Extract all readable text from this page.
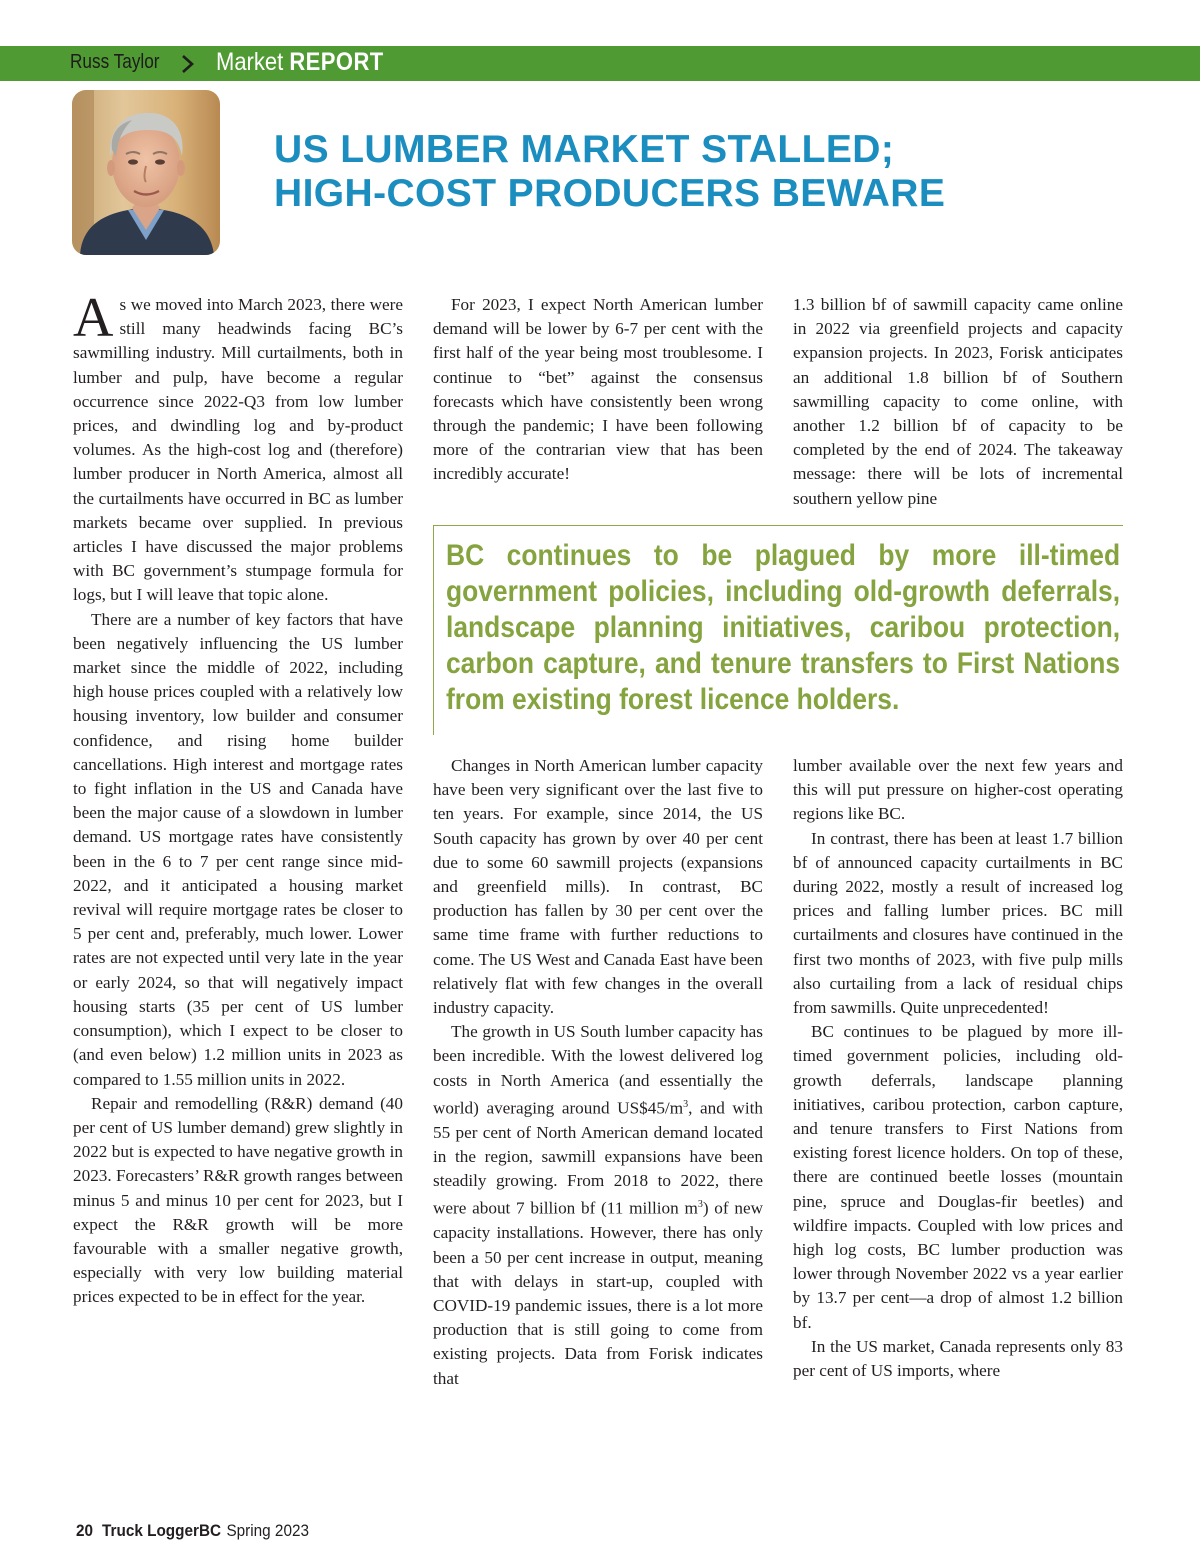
Russ Taylor Market REPORT
US LUMBER MARKET STALLED;
HIGH-COST PRODUCERS BEWARE

As we moved into March 2023, there were still many headwinds facing BC’s sawmilling industry. Mill curtailments, both in lumber and pulp, have become a regular occurrence since 2022-Q3 from low lumber prices, and dwindling log and by-product volumes. As the high-cost log and (therefore) lumber producer in North America, almost all the curtailments have occurred in BC as lumber markets became over supplied. In previous articles I have discussed the major problems with BC government’s stumpage formula for logs, but I will leave that topic alone.

There are a number of key factors that have been negatively influencing the US lumber market since the middle of 2022, including high house prices coupled with a relatively low housing inventory, low builder and consumer confidence, and rising home builder cancellations. High interest and mortgage rates to fight inflation in the US and Canada have been the major cause of a slowdown in lumber demand. US mortgage rates have consistently been in the 6 to 7 per cent range since mid-2022, and it anticipated a housing market revival will require mortgage rates be closer to 5 per cent and, preferably, much lower. Lower rates are not expected until very late in the year or early 2024, so that will negatively impact housing starts (35 per cent of US lumber consumption), which I expect to be closer to (and even below) 1.2 million units in 2023 as compared to 1.55 million units in 2022.

Repair and remodelling (R&R) demand (40 per cent of US lumber demand) grew slightly in 2022 but is expected to have negative growth in 2023. Forecasters’ R&R growth ranges between minus 5 and minus 10 per cent for 2023, but I expect the R&R growth will be more favourable with a smaller negative growth, especially with very low building material prices expected to be in effect for the year.

For 2023, I expect North American lumber demand will be lower by 6-7 per cent with the first half of the year being most troublesome. I continue to “bet” against the consensus forecasts which have consistently been wrong through the pandemic; I have been following more of the contrarian view that has been incredibly accurate!

1.3 billion bf of sawmill capacity came online in 2022 via greenfield projects and capacity expansion projects. In 2023, Forisk anticipates an additional 1.8 billion bf of Southern sawmilling capacity to come online, with another 1.2 billion bf of capacity to be completed by the end of 2024. The takeaway message: there will be lots of incremental southern yellow pine

BC continues to be plagued by more ill-timed government policies, including old-growth deferrals, landscape planning initiatives, caribou protection, carbon capture, and tenure transfers to First Nations from existing forest licence holders.

Changes in North American lumber capacity have been very significant over the last five to ten years. For example, since 2014, the US South capacity has grown by over 40 per cent due to some 60 sawmill projects (expansions and greenfield mills). In contrast, BC production has fallen by 30 per cent over the same time frame with further reductions to come. The US West and Canada East have been relatively flat with few changes in the overall industry capacity.

The growth in US South lumber capacity has been incredible. With the lowest delivered log costs in North America (and essentially the world) averaging around $US\$45/m^3$, and with 55 per cent of North American demand located in the region, sawmill expansions have been steadily growing. From 2018 to 2022, there were about 7 billion bf (11 million $m^3$) of new capacity installations. However, there has only been a 50 per cent increase in output, meaning that with delays in start-up, coupled with COVID-19 pandemic issues, there is a lot more production that is still going to come from existing projects. Data from Forisk indicates that

lumber available over the next few years and this will put pressure on higher-cost operating regions like BC.

In contrast, there has been at least 1.7 billion bf of announced capacity curtailments in BC during 2022, mostly a result of increased log prices and falling lumber prices. BC mill curtailments and closures have continued in the first two months of 2023, with five pulp mills also curtailing from a lack of residual chips from sawmills. Quite unprecedented!

BC continues to be plagued by more ill-timed government policies, including old-growth deferrals, landscape planning initiatives, caribou protection, carbon capture, and tenure transfers to First Nations from existing forest licence holders. On top of these, there are continued beetle losses (mountain pine, spruce and Douglas-fir beetles) and wildfire impacts. Coupled with low prices and high log costs, BC lumber production was lower through November 2022 vs a year earlier by 13.7 per cent—a drop of almost 1.2 billion bf.

In the US market, Canada represents only 83 per cent of US imports, where

20 Truck LoggerBC Spring 2023
